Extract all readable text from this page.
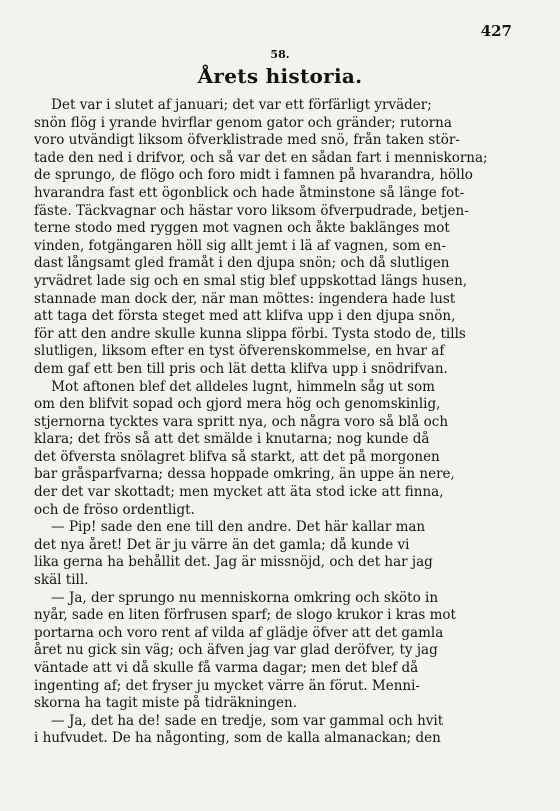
427
58.
Årets historia.
Det var i slutet af januari; det var ett förfärligt yrväder;
snön flög i yrande hvirflar genom gator och gränder; rutorna
voro utvändigt liksom öfverklistrade med snö, från taken stör-
tade den ned i drifvor, och så var det en sådan fart i menniskorna;
de sprungo, de flögo och foro midt i famnen på hvarandra, höllo
hvarandra fast ett ögonblick och hade åtminstone så länge fot-
fäste. Täckvagnar och hästar voro liksom öfverpudrade, betjen-
terne stodo med ryggen mot vagnen och åkte baklänges mot
vinden, fotgängaren höll sig allt jemt i lä af vagnen, som en-
dast långsamt gled framåt i den djupa snön; och då slutligen
yrvädret lade sig och en smal stig blef uppskottad längs husen,
stannade man dock der, när man möttes: ingendera hade lust
att taga det första steget med att klifva upp i den djupa snön,
för att den andre skulle kunna slippa förbi. Tysta stodo de, tills
slutligen, liksom efter en tyst öfverenskommelse, en hvar af
dem gaf ett ben till pris och lät detta klifva upp i snödrifvan.
Mot aftonen blef det alldeles lugnt, himmeln såg ut som
om den blifvit sopad och gjord mera hög och genomskinlig,
stjernorna tycktes vara spritt nya, och några voro så blå och
klara; det frös så att det smälde i knutarna; nog kunde då
det öfversta snölagret blifva så starkt, att det på morgonen
bar gråsparfvarna; dessa hoppade omkring, än uppe än nere,
der det var skottadt; men mycket att äta stod icke att finna,
och de fröso ordentligt.
— Pip! sade den ene till den andre. Det här kallar man
det nya året! Det är ju värre än det gamla; då kunde vi
lika gerna ha behållit det. Jag är missnöjd, och det har jag
skäl till.
— Ja, der sprungo nu menniskorna omkring och sköto in
nyår, sade en liten förfrusen sparf; de slogo krukor i kras mot
portarna och voro rent af vilda af glädje öfver att det gamla
året nu gick sin väg; och äfven jag var glad deröfver, ty jag
väntade att vi då skulle få varma dagar; men det blef då
ingenting af; det fryser ju mycket värre än förut. Menni-
skorna ha tagit miste på tidräkningen.
— Ja, det ha de! sade en tredje, som var gammal och hvit
i hufvudet. De ha någonting, som de kalla almanackan; den
